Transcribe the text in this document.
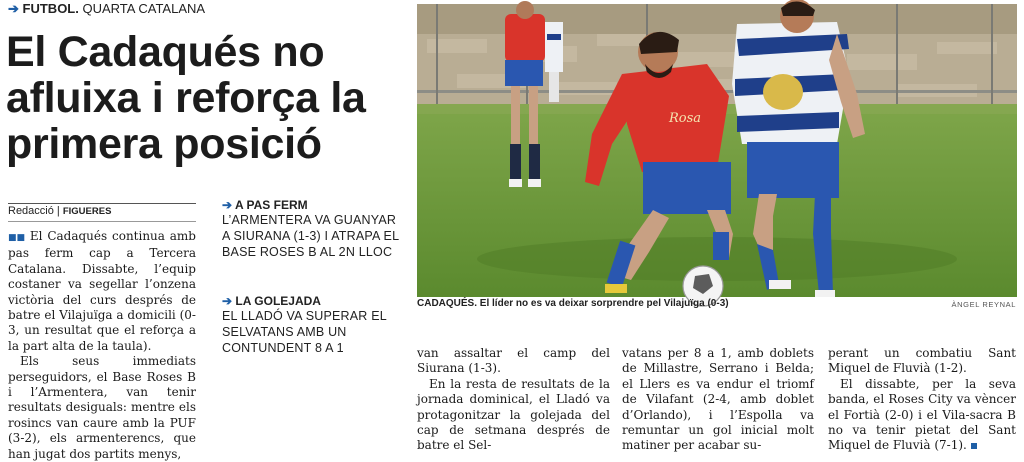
➔ FUTBOL. QUARTA CATALANA
El Cadaqués no
afluixa i reforça la
primera posició
Redacció | FIGUERES

■■ El Cadaqués continua amb pas ferm cap a Tercera Catalana. Dissabte, l’equip costaner va segellar l’onzena victòria del curs després de batre el Vilajuïga a domicili (0-3, un resultat que el reforça a la part alta de la taula).

Els seus immediats perseguidors, el Base Roses B i l’Armentera, van tenir resultats desiguals: mentre els rosincs van caure amb la PUF (3-2), els armenterencs, que han jugat dos partits menys,

➔ A PAS FERM
L’ARMENTERA VA GUANYAR A SIURANA (1-3) I ATRAPA EL BASE ROSES B AL 2N LLOC
➔ LA GOLEJADA
EL LLADÓ VA SUPERAR EL SELVATANS AMB UN CONTUNDENT 8 A 1
Rosa
CADAQUÉS. El líder no es va deixar sorprendre pel Vilajuïga (0-3)	ÀNGEL REYNAL

van assaltar el camp del Siurana (1-3).

En la resta de resultats de la jornada dominical, el Lladó va protagonitzar la golejada del cap de setmana després de batre el Sel-

vatans per 8 a 1, amb doblets de Millastre, Serrano i Belda; el Llers es va endur el triomf de Vilafant (2-4, amb doblet d’Orlando), i l’Espolla va remuntar un gol inicial molt matiner per acabar su-

perant un combatiu Sant Miquel de Fluvià (1-2).

El dissabte, per la seva banda, el Roses City va vèncer el Fortià (2-0) i el Vila-sacra B no va tenir pietat del Sant Miquel de Fluvià (7-1).
